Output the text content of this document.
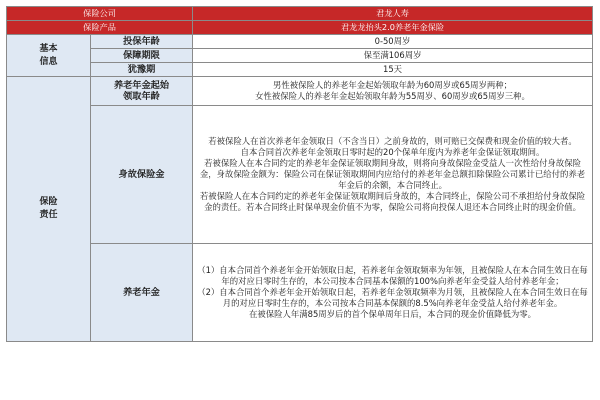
保险公司		君龙人寿
保险产品		君龙龙抬头2.0养老年金保险

基本
信息	投保年龄	0-50周岁
	保障期限	保至满106周岁
	犹豫期	15天

保险
责任	养老年金起始
领取年龄	男性被保险人的养老年金起始领取年龄为60周岁或65周岁两种；
女性被保险人的养老年金起始领取年龄为55周岁、60周岁或65周岁三种。

	身故保险金	若被保险人在首次养老年金领取日（不含当日）之前身故的，则可赔已交保费和现金价值的较大者。
自本合同首次养老年金领取日零时起的20个保单年度内为养老年金保证领取期间。
若被保险人在本合同约定的养老年金保证领取期间身故，则将向身故保险金受益人一次性给付身故保险金，身故保险金额为：保险公司在保证领取期间内应给付的养老年金总额扣除保险公司累计已给付的养老年金后的余额，本合同终止。
若被保险人在本合同约定的养老年金保证领取期间后身故的，本合同终止，保险公司不承担给付身故保险金的责任。若本合同终止时保单现金价值不为零，保险公司将向投保人退还本合同终止时的现金价值。

	养老年金	（1）自本合同首个养老年金开始领取日起，若养老年金领取频率为年领，且被保险人在本合同生效日在每年的对应日零时生存的，本公司按本合同基本保额的100%向养老年金受益人给付养老年金；
（2）自本合同首个养老年金开始领取日起，若养老年金领取频率为月领，且被保险人在本合同生效日在每月的对应日零时生存的，本公司按本合同基本保额的8.5%向养老年金受益人给付养老年金。
在被保险人年满85周岁后的首个保单周年日后，本合同的现金价值降低为零。
